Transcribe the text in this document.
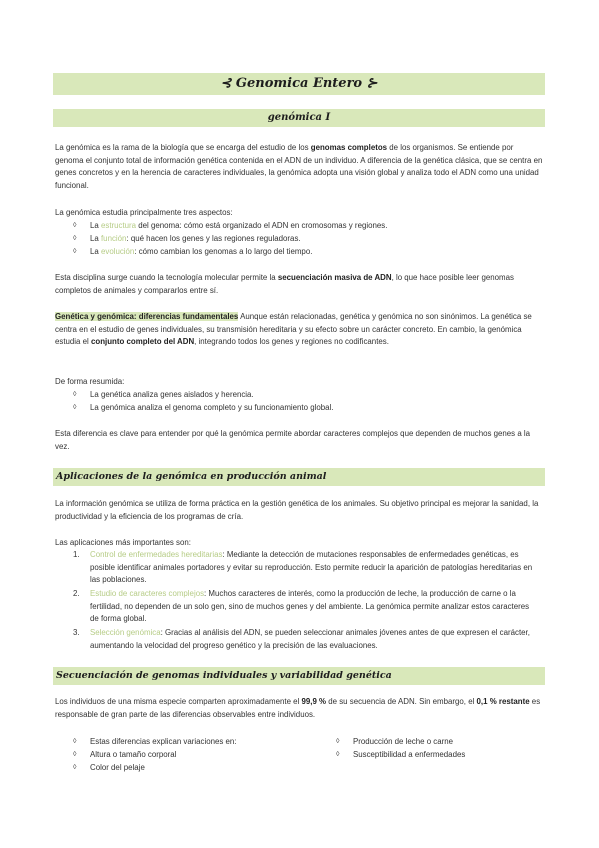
⊰ Genomica Entero ⊱
genómica I

La genómica es la rama de la biología que se encarga del estudio de los genomas completos de los organismos. Se entiende por genoma el conjunto total de información genética contenida en el ADN de un individuo. A diferencia de la genética clásica, que se centra en genes concretos y en la herencia de caracteres individuales, la genómica adopta una visión global y analiza todo el ADN como una unidad funcional.

La genómica estudia principalmente tres aspectos:

◊ La estructura del genoma: cómo está organizado el ADN en cromosomas y regiones.
◊ La función: qué hacen los genes y las regiones reguladoras.
◊ La evolución: cómo cambian los genomas a lo largo del tiempo.

Esta disciplina surge cuando la tecnología molecular permite la secuenciación masiva de ADN, lo que hace posible leer genomas completos de animales y compararlos entre sí.

Genética y genómica: diferencias fundamentales Aunque están relacionadas, genética y genómica no son sinónimos. La genética se centra en el estudio de genes individuales, su transmisión hereditaria y su efecto sobre un carácter concreto. En cambio, la genómica estudia el conjunto completo del ADN, integrando todos los genes y regiones no codificantes.

De forma resumida:

◊ La genética analiza genes aislados y herencia.
◊ La genómica analiza el genoma completo y su funcionamiento global.

Esta diferencia es clave para entender por qué la genómica permite abordar caracteres complejos que dependen de muchos genes a la vez.

Aplicaciones de la genómica en producción animal

La información genómica se utiliza de forma práctica en la gestión genética de los animales. Su objetivo principal es mejorar la sanidad, la productividad y la eficiencia de los programas de cría.

Las aplicaciones más importantes son:

1. Control de enfermedades hereditarias: Mediante la detección de mutaciones responsables de enfermedades genéticas, es posible identificar animales portadores y evitar su reproducción. Esto permite reducir la aparición de patologías hereditarias en las poblaciones.

2. Estudio de caracteres complejos: Muchos caracteres de interés, como la producción de leche, la producción de carne o la fertilidad, no dependen de un solo gen, sino de muchos genes y del ambiente. La genómica permite analizar estos caracteres de forma global.

3. Selección genómica: Gracias al análisis del ADN, se pueden seleccionar animales jóvenes antes de que expresen el carácter, aumentando la velocidad del progreso genético y la precisión de las evaluaciones.

Secuenciación de genomas individuales y variabilidad genética

Los individuos de una misma especie comparten aproximadamente el 99,9 % de su secuencia de ADN. Sin embargo, el 0,1 % restante es responsable de gran parte de las diferencias observables entre individuos.

◊ Estas diferencias explican variaciones en:
◊ Altura o tamaño corporal
◊ Color del pelaje
◊ Producción de leche o carne
◊ Susceptibilidad a enfermedades
